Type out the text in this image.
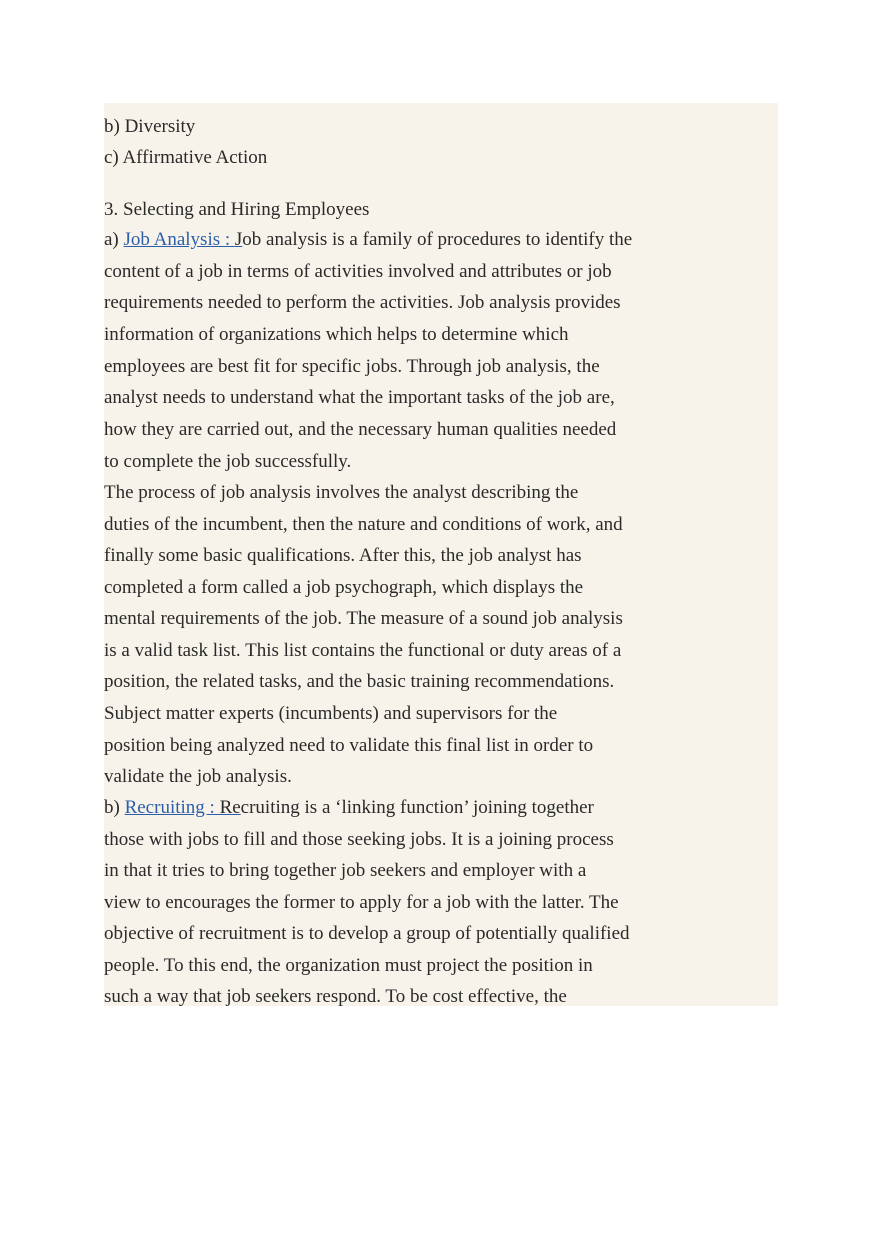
b) Diversity
c) Affirmative Action
3. Selecting and Hiring Employees
a) Job Analysis : Job analysis is a family of procedures to identify the
content of a job in terms of activities involved and attributes or job
requirements needed to perform the activities. Job analysis provides
information of organizations which helps to determine which
employees are best fit for specific jobs. Through job analysis, the
analyst needs to understand what the important tasks of the job are,
how they are carried out, and the necessary human qualities needed
to complete the job successfully.
The process of job analysis involves the analyst describing the
duties of the incumbent, then the nature and conditions of work, and
finally some basic qualifications. After this, the job analyst has
completed a form called a job psychograph, which displays the
mental requirements of the job. The measure of a sound job analysis
is a valid task list. This list contains the functional or duty areas of a
position, the related tasks, and the basic training recommendations.
Subject matter experts (incumbents) and supervisors for the
position being analyzed need to validate this final list in order to
validate the job analysis.
b) Recruiting : Recruiting is a ‘linking function’ joining together
those with jobs to fill and those seeking jobs. It is a joining process
in that it tries to bring together job seekers and employer with a
view to encourages the former to apply for a job with the latter. The
objective of recruitment is to develop a group of potentially qualified
people. To this end, the organization must project the position in
such a way that job seekers respond. To be cost effective, the
